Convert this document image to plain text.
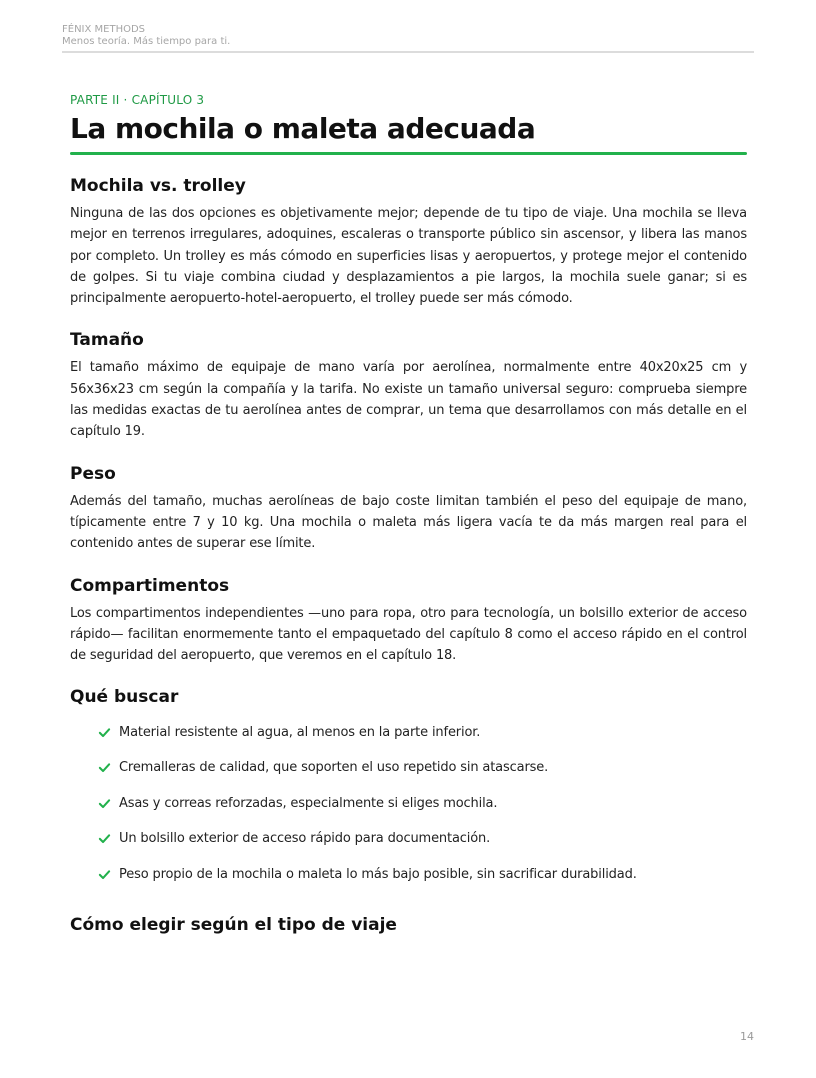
FÉNIX METHODS
Menos teoría. Más tiempo para ti.
PARTE II · CAPÍTULO 3
La mochila o maleta adecuada
Mochila vs. trolley

Ninguna de las dos opciones es objetivamente mejor; depende de tu tipo de viaje. Una mochila se lleva mejor en terrenos irregulares, adoquines, escaleras o transporte público sin ascensor, y libera las manos por completo. Un trolley es más cómodo en superficies lisas y aeropuertos, y protege mejor el contenido de golpes. Si tu viaje combina ciudad y desplazamientos a pie largos, la mochila suele ganar; si es principalmente aeropuerto-hotel-aeropuerto, el trolley puede ser más cómodo.

Tamaño

El tamaño máximo de equipaje de mano varía por aerolínea, normalmente entre 40x20x25 cm y 56x36x23 cm según la compañía y la tarifa. No existe un tamaño universal seguro: comprueba siempre las medidas exactas de tu aerolínea antes de comprar, un tema que desarrollamos con más detalle en el capítulo 19.

Peso

Además del tamaño, muchas aerolíneas de bajo coste limitan también el peso del equipaje de mano, típicamente entre 7 y 10 kg. Una mochila o maleta más ligera vacía te da más margen real para el contenido antes de superar ese límite.

Compartimentos

Los compartimentos independientes —uno para ropa, otro para tecnología, un bolsillo exterior de acceso rápido— facilitan enormemente tanto el empaquetado del capítulo 8 como el acceso rápido en el control de seguridad del aeropuerto, que veremos en el capítulo 18.

Qué buscar
Material resistente al agua, al menos en la parte inferior.
Cremalleras de calidad, que soporten el uso repetido sin atascarse.
Asas y correas reforzadas, especialmente si eliges mochila.
Un bolsillo exterior de acceso rápido para documentación.
Peso propio de la mochila o maleta lo más bajo posible, sin sacrificar durabilidad.
Cómo elegir según el tipo de viaje
14
